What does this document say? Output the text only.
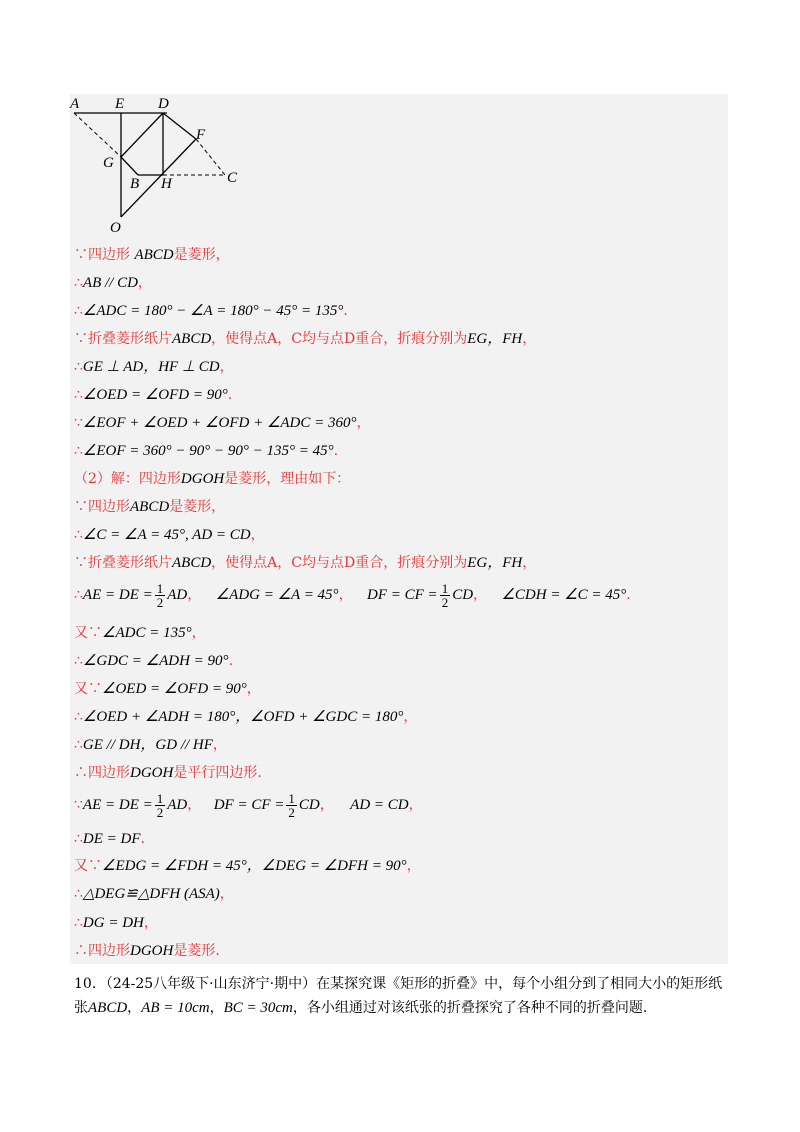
A E D
F
G
B H	C
O
∵四边形 ABCD是菱形，
∴AB // CD，
∴∠ADC = 180° − ∠A = 180° − 45° = 135°.
∵折叠菱形纸片ABCD，使得点A，C均与点D重合，折痕分别为EG，FH，
∴GE ⊥ AD，HF ⊥ CD，
∴∠OED = ∠OFD = 90°.
∵∠EOF + ∠OED + ∠OFD + ∠ADC = 360°，
∴∠EOF = 360° − 90° − 90° − 135° = 45°.
（2）解：四边形DGOH是菱形，理由如下：
∵四边形ABCD是菱形，
∴∠C = ∠A = 45°, AD = CD，
∵折叠菱形纸片ABCD，使得点A，C均与点D重合，折痕分别为EG，FH，
∴AE = DE = $\frac{1}{2}$ AD， ∠ADG = ∠A = 45°， DF = CF = $\frac{1}{2}$ CD， ∠CDH = ∠C = 45°.
又∵∠ADC = 135°，
∴∠GDC = ∠ADH = 90°.
又∵∠OED = ∠OFD = 90°，
∴∠OED + ∠ADH = 180°，∠OFD + ∠GDC = 180°，
∴GE // DH，GD // HF，
∴四边形DGOH是平行四边形.
∵AE = DE = $\frac{1}{2}$ AD， DF = CF = $\frac{1}{2}$ CD， AD = CD，
∴DE = DF.
又∵∠EDG = ∠FDH = 45°，∠DEG = ∠DFH = 90°，
∴△DEG≌△DFH (ASA)，
∴DG = DH，
∴四边形DGOH是菱形.
10．（24-25八年级下·山东济宁·期中）在某探究课《矩形的折叠》中，每个小组分到了相同大小的矩形纸
张ABCD，AB = 10cm，BC = 30cm，各小组通过对该纸张的折叠探究了各种不同的折叠问题.
